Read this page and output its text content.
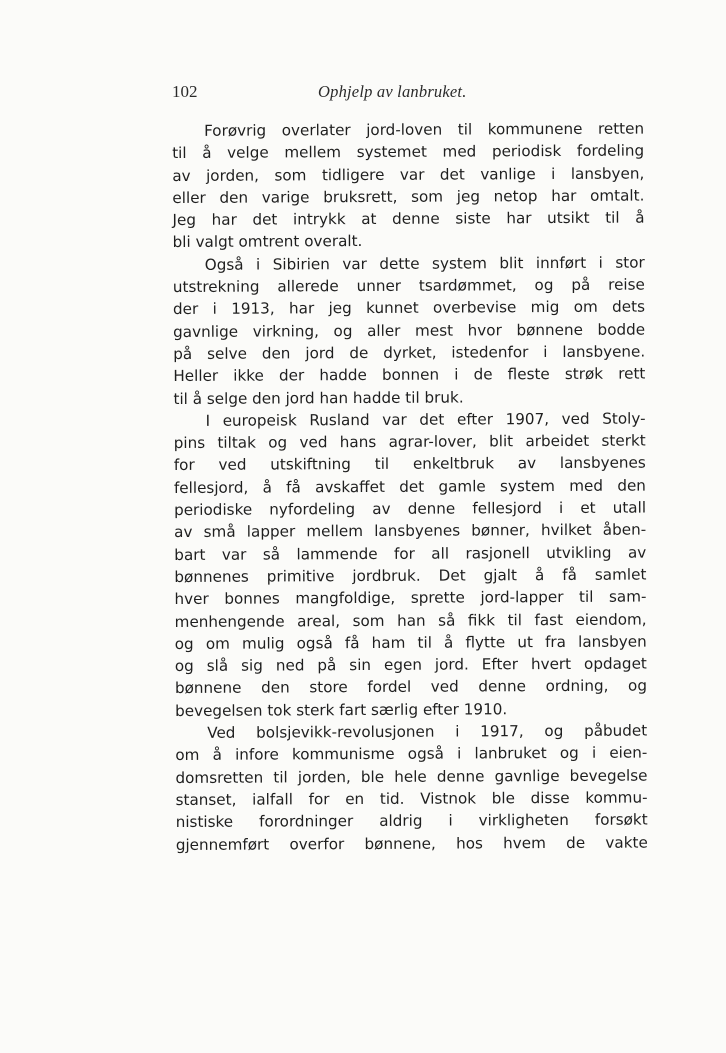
102	Ophjelp av lanbruket.
Forøvrig overlater jord-loven til kommunene retten
til å velge mellem systemet med periodisk fordeling
av jorden, som tidligere var det vanlige i lansbyen,
eller den varige bruksrett, som jeg netop har omtalt.
Jeg har det intrykk at denne siste har utsikt til å
bli valgt omtrent overalt.
Også i Sibirien var dette system blit innført i stor
utstrekning allerede unner tsardømmet, og på reise
der i 1913, har jeg kunnet overbevise mig om dets
gavnlige virkning, og aller mest hvor bønnene bodde
på selve den jord de dyrket, istedenfor i lansbyene.
Heller ikke der hadde bonnen i de fleste strøk rett
til å selge den jord han hadde til bruk.
I europeisk Rusland var det efter 1907, ved Stoly-
pins tiltak og ved hans agrar-lover, blit arbeidet sterkt
for ved utskiftning til enkeltbruk av lansbyenes
fellesjord, å få avskaffet det gamle system med den
periodiske nyfordeling av denne fellesjord i et utall
av små lapper mellem lansbyenes bønner, hvilket åben-
bart var så lammende for all rasjonell utvikling av
bønnenes primitive jordbruk. Det gjalt å få samlet
hver bonnes mangfoldige, sprette jord-lapper til sam-
menhengende areal, som han så fikk til fast eiendom,
og om mulig også få ham til å flytte ut fra lansbyen
og slå sig ned på sin egen jord. Efter hvert opdaget
bønnene den store fordel ved denne ordning, og
bevegelsen tok sterk fart særlig efter 1910.
Ved bolsjevikk-revolusjonen i 1917, og påbudet
om å infore kommunisme også i lanbruket og i eien-
domsretten til jorden, ble hele denne gavnlige bevegelse
stanset, ialfall for en tid. Vistnok ble disse kommu-
nistiske forordninger aldrig i virkligheten forsøkt
gjennemført overfor bønnene, hos hvem de vakte
